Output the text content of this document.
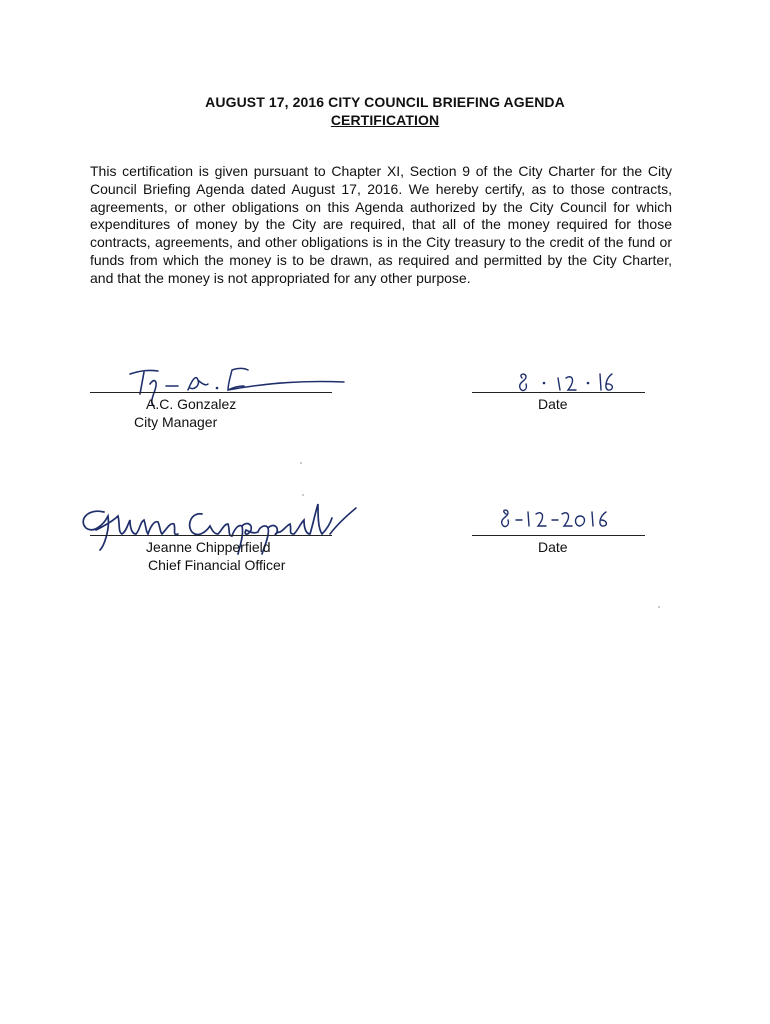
AUGUST 17, 2016 CITY COUNCIL BRIEFING AGENDA
CERTIFICATION
This certification is given pursuant to Chapter XI, Section 9 of the City Charter for the City Council Briefing Agenda dated August 17, 2016. We hereby certify, as to those contracts, agreements, or other obligations on this Agenda authorized by the City Council for which expenditures of money by the City are required, that all of the money required for those contracts, agreements, and other obligations is in the City treasury to the credit of the fund or funds from which the money is to be drawn, as required and permitted by the City Charter, and that the money is not appropriated for any other purpose.
A.C. Gonzalez
City Manager
Date
Jeanne Chipperfield
Chief Financial Officer
Date
